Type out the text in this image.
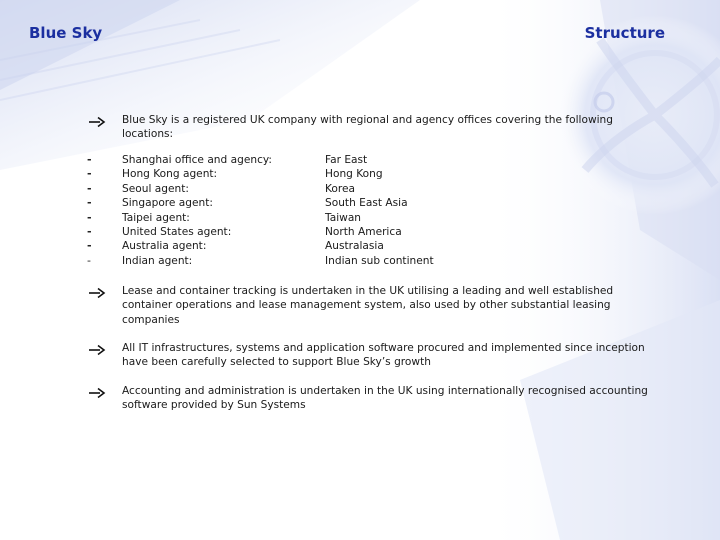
Blue Sky	Structure
Blue Sky is a registered UK company with regional and agency offices covering the following locations:
-	Shanghai office and agency:	Far East
-	Hong Kong agent:	Hong Kong
-	Seoul agent:	Korea
-	Singapore agent:	South East Asia
-	Taipei agent:	Taiwan
-	United States agent:	North America
-	Australia agent:	Australasia
-	Indian agent:	Indian sub continent
Lease and container tracking is undertaken in the UK utilising a leading and well established container operations and lease management system, also used by other substantial leasing companies
All IT infrastructures, systems and application software procured and implemented since inception have been carefully selected to support Blue Sky’s growth
Accounting and administration is undertaken in the UK using internationally recognised accounting software provided by Sun Systems
